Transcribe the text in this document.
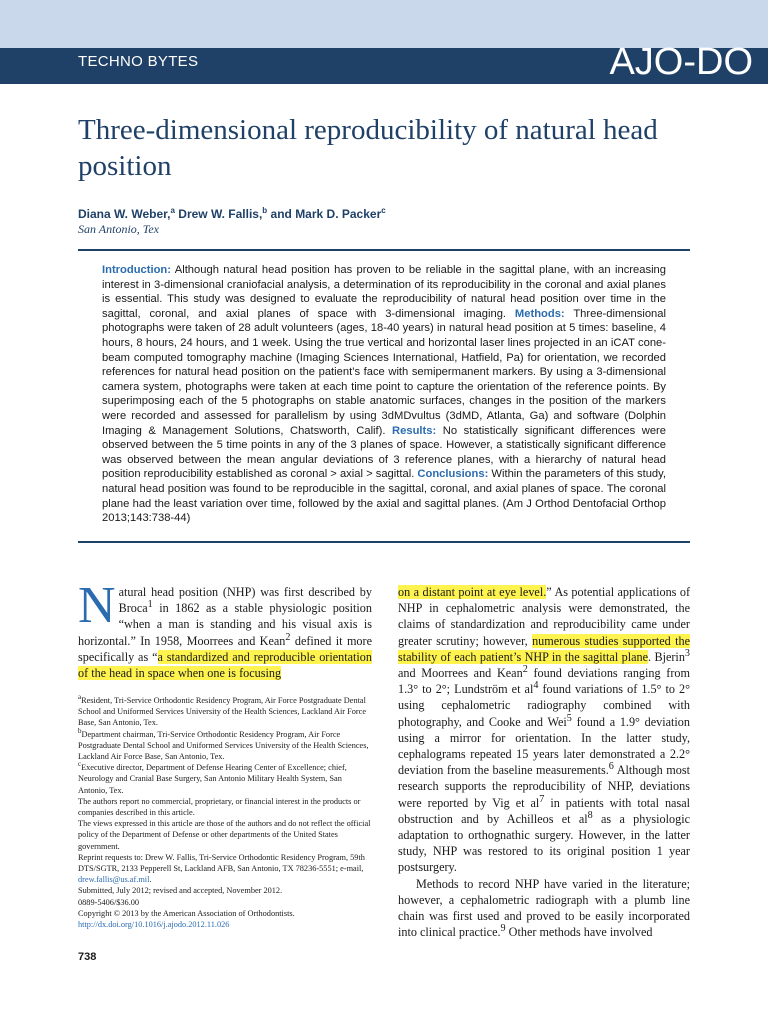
TECHNO BYTES	AJO-DO
Three-dimensional reproducibility of natural head position
Diana W. Weber,$^a$ Drew W. Fallis,$^b$ and Mark D. Packer$^c$
San Antonio, Tex

Introduction: Although natural head position has proven to be reliable in the sagittal plane, with an increasing interest in 3-dimensional craniofacial analysis, a determination of its reproducibility in the coronal and axial planes is essential. This study was designed to evaluate the reproducibility of natural head position over time in the sagittal, coronal, and axial planes of space with 3-dimensional imaging. Methods: Three-dimensional photographs were taken of 28 adult volunteers (ages, 18-40 years) in natural head position at 5 times: baseline, 4 hours, 8 hours, 24 hours, and 1 week. Using the true vertical and horizontal laser lines projected in an iCAT cone-beam computed tomography machine (Imaging Sciences International, Hatfield, Pa) for orientation, we recorded references for natural head position on the patient’s face with semipermanent markers. By using a 3-dimensional camera system, photographs were taken at each time point to capture the orientation of the reference points. By superimposing each of the 5 photographs on stable anatomic surfaces, changes in the position of the markers were recorded and assessed for parallelism by using 3dMDvultus (3dMD, Atlanta, Ga) and software (Dolphin Imaging & Management Solutions, Chatsworth, Calif). Results: No statistically significant differences were observed between the 5 time points in any of the 3 planes of space. However, a statistically significant difference was observed between the mean angular deviations of 3 reference planes, with a hierarchy of natural head position reproducibility established as coronal > axial > sagittal. Conclusions: Within the parameters of this study, natural head position was found to be reproducible in the sagittal, coronal, and axial planes of space. The coronal plane had the least variation over time, followed by the axial and sagittal planes. (Am J Orthod Dentofacial Orthop 2013;143:738-44)

Natural head position (NHP) was first described by Broca$^1$ in 1862 as a stable physiologic position “when a man is standing and his visual axis is horizontal.” In 1958, Moorrees and Kean$^2$ defined it more specifically as “a standardized and reproducible orientation of the head in space when one is focusing

$^a$Resident, Tri-Service Orthodontic Residency Program, Air Force Postgraduate Dental School and Uniformed Services University of the Health Sciences, Lackland Air Force Base, San Antonio, Tex.

$^b$Department chairman, Tri-Service Orthodontic Residency Program, Air Force Postgraduate Dental School and Uniformed Services University of the Health Sciences, Lackland Air Force Base, San Antonio, Tex.

$^c$Executive director, Department of Defense Hearing Center of Excellence; chief, Neurology and Cranial Base Surgery, San Antonio Military Health System, San Antonio, Tex.

The authors report no commercial, proprietary, or financial interest in the products or companies described in this article.

The views expressed in this article are those of the authors and do not reflect the official policy of the Department of Defense or other departments of the United States government.

Reprint requests to: Drew W. Fallis, Tri-Service Orthodontic Residency Program, 59th DTS/SGTR, 2133 Pepperell St, Lackland AFB, San Antonio, TX 78236-5551; e-mail, drew.fallis@us.af.mil.

Submitted, July 2012; revised and accepted, November 2012.

0889-5406/$36.00

Copyright © 2013 by the American Association of Orthodontists.

http://dx.doi.org/10.1016/j.ajodo.2012.11.026

on a distant point at eye level.” As potential applications of NHP in cephalometric analysis were demonstrated, the claims of standardization and reproducibility came under greater scrutiny; however, numerous studies supported the stability of each patient’s NHP in the sagittal plane. Bjerin$^3$ and Moorrees and Kean$^2$ found deviations ranging from 1.3° to 2°; Lundström et $al^4$ found variations of 1.5° to 2° using cephalometric radiography combined with photography, and Cooke and Wei$^5$ found a 1.9° deviation using a mirror for orientation. In the latter study, cephalograms repeated 15 years later demonstrated a 2.2° deviation from the baseline measurements.$^6$ Although most research supports the reproducibility of NHP, deviations were reported by Vig et $al^7$ in patients with total nasal obstruction and by Achilleos et $al^8$ as a physiologic adaptation to orthognathic surgery. However, in the latter study, NHP was restored to its original position 1 year postsurgery.

Methods to record NHP have varied in the literature; however, a cephalometric radiograph with a plumb line chain was first used and proved to be easily incorporated into clinical practice.$^9$ Other methods have involved

738
